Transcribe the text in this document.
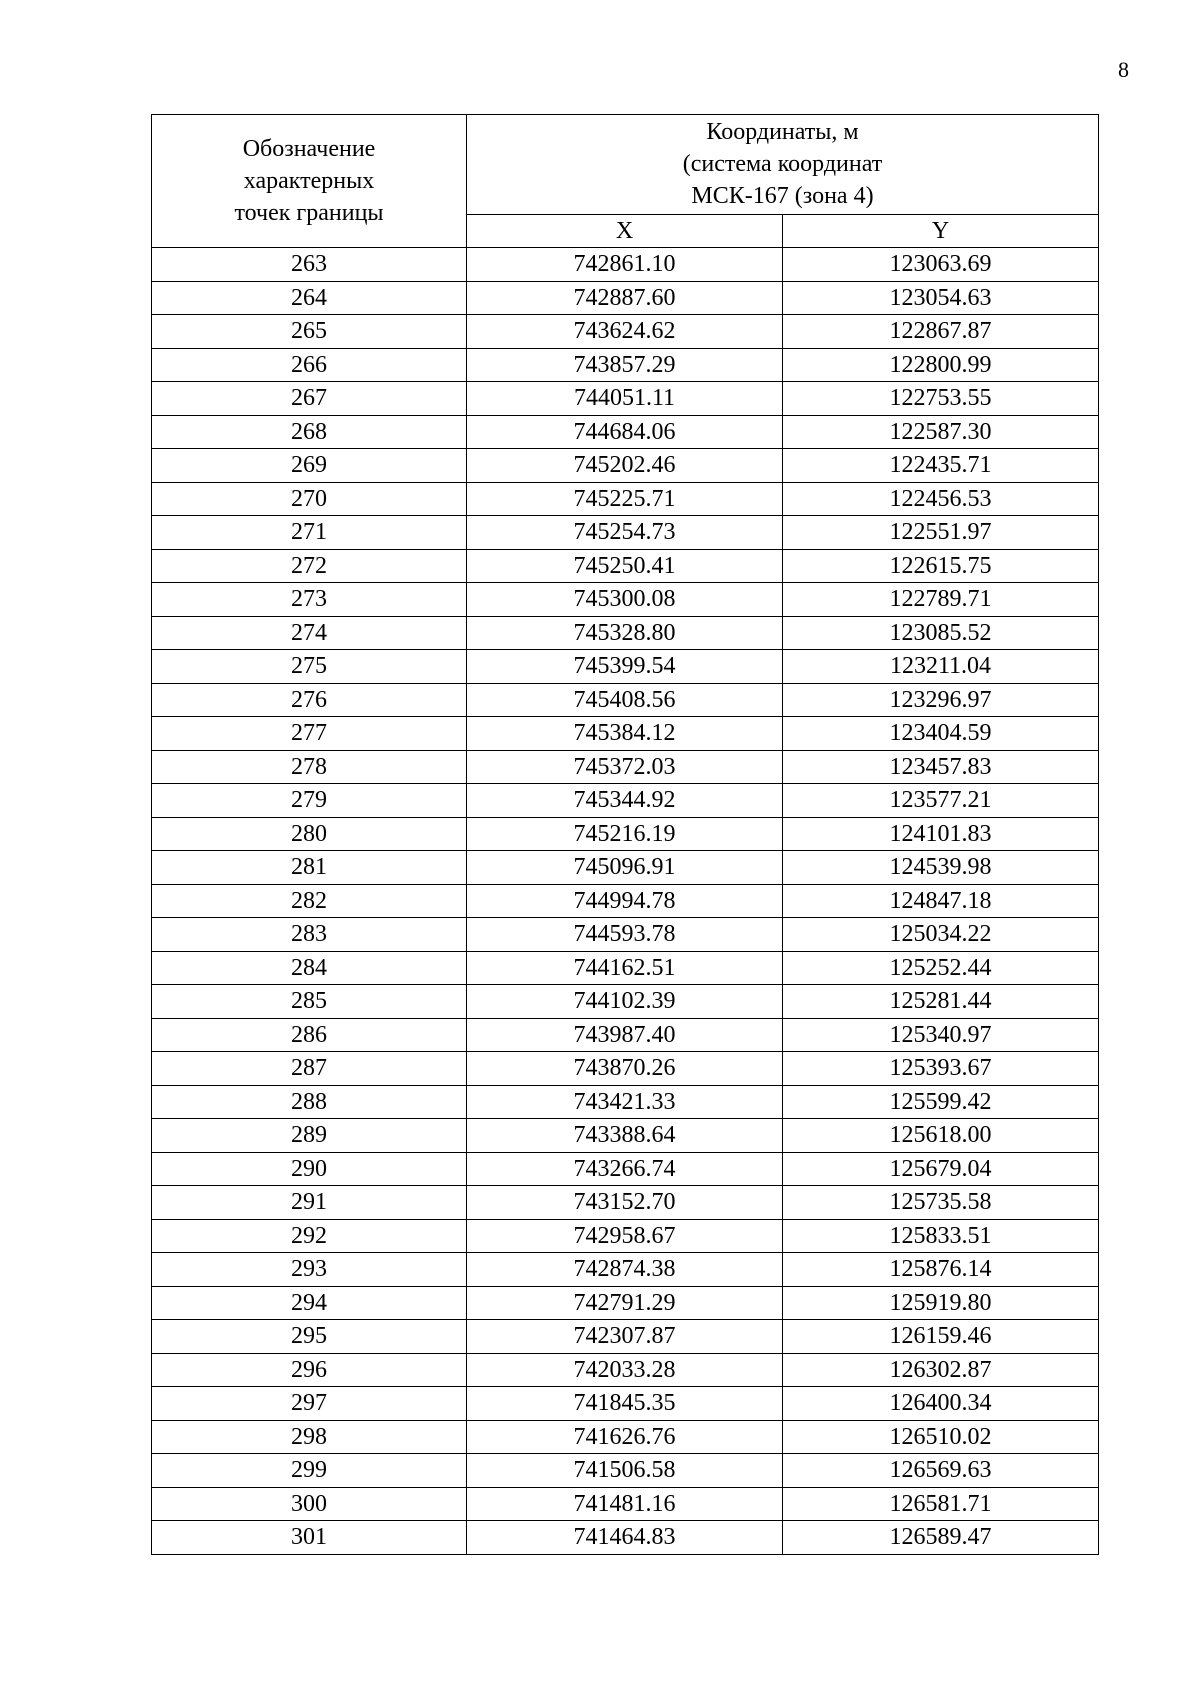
8
Обозначение
характерных
точек границы	Координаты, м
(система координат
МСК-167 (зона 4)	

	X	Y
263	742861.10	123063.69
264	742887.60	123054.63
265	743624.62	122867.87
266	743857.29	122800.99
267	744051.11	122753.55
268	744684.06	122587.30
269	745202.46	122435.71
270	745225.71	122456.53
271	745254.73	122551.97
272	745250.41	122615.75
273	745300.08	122789.71
274	745328.80	123085.52
275	745399.54	123211.04
276	745408.56	123296.97
277	745384.12	123404.59
278	745372.03	123457.83
279	745344.92	123577.21
280	745216.19	124101.83
281	745096.91	124539.98
282	744994.78	124847.18
283	744593.78	125034.22
284	744162.51	125252.44
285	744102.39	125281.44
286	743987.40	125340.97
287	743870.26	125393.67
288	743421.33	125599.42
289	743388.64	125618.00
290	743266.74	125679.04
291	743152.70	125735.58
292	742958.67	125833.51
293	742874.38	125876.14
294	742791.29	125919.80
295	742307.87	126159.46
296	742033.28	126302.87
297	741845.35	126400.34
298	741626.76	126510.02
299	741506.58	126569.63
300	741481.16	126581.71
301	741464.83	126589.47
